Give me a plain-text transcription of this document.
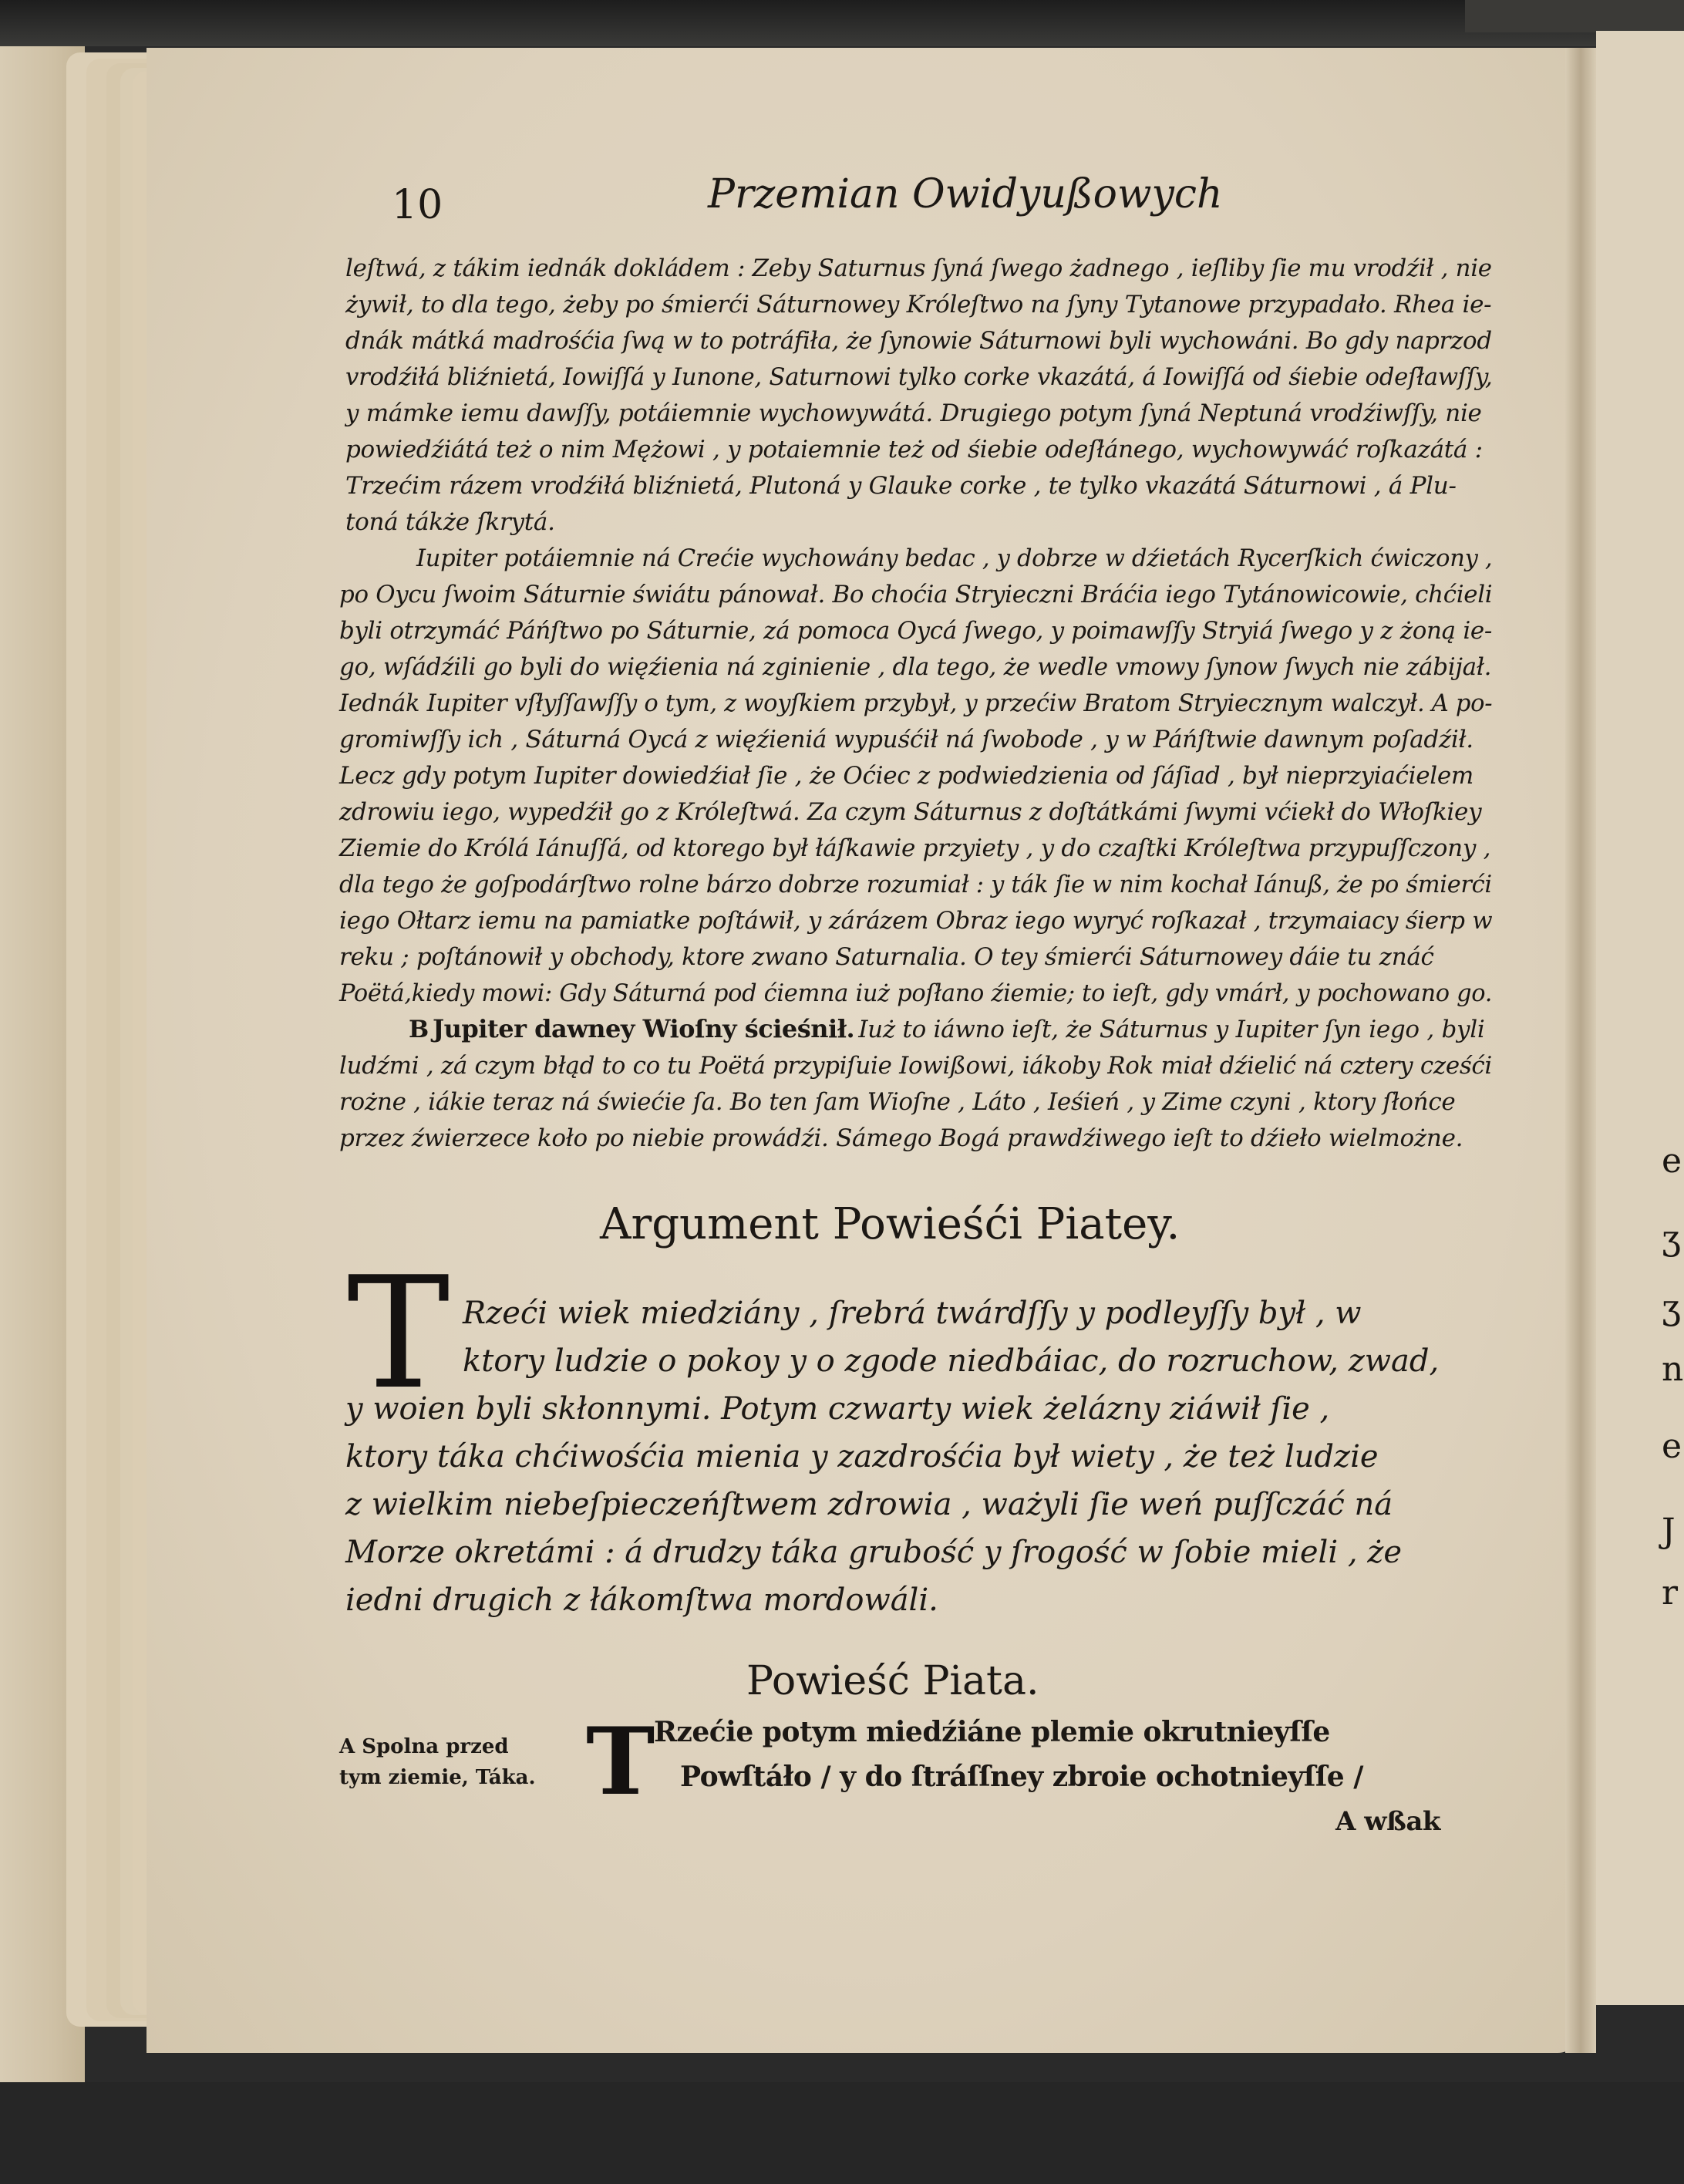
e
ʒ
ʒ
n
e
J
r
10	Przemian Owidyußowych
leſtwá, z tákim iednák dokládem : Zeby Saturnus ſyná ſwego żadnego , ieſliby ſie mu vrodźił , nie
żywił, to dla tego, żeby po śmierći Sáturnowey Króleſtwo na ſyny Tytanowe przypadało. Rhea ie-
dnák mátká madrośćia ſwą w to potráfiła, że ſynowie Sáturnowi byli wychowáni. Bo gdy naprzod
vrodźiłá bliźnietá, Iowiſſá y Iunone, Saturnowi tylko corke vkazátá, á Iowiſſá od śiebie odeſławſſy,
y mámke iemu dawſſy, potáiemnie wychowywátá. Drugiego potym ſyná Neptuná vrodźiwſſy, nie
powiedźiátá też o nim Mężowi , y potaiemnie też od śiebie odeſłánego, wychowywáć roſkazátá :
Trzećim rázem vrodźiłá bliźnietá, Plutoná y Glauke corke , te tylko vkazátá Sáturnowi , á Plu-
toná tákże ſkrytá.
Iupiter potáiemnie ná Crećie wychowány bedac , y dobrze w dźietách Rycerſkich ćwiczony ,
po Oycu ſwoim Sáturnie świátu pánował. Bo choćia Stryieczni Bráćia iego Tytánowicowie, chćieli
byli otrzymáć Páńſtwo po Sáturnie, zá pomoca Oycá ſwego, y poimawſſy Stryiá ſwego y z żoną ie-
go, wſádźili go byli do więźienia ná zginienie , dla tego, że wedle vmowy ſynow ſwych nie zábijał.
Iednák Iupiter vſłyſſawſſy o tym, z woyſkiem przybył, y przećiw Bratom Stryiecznym walczył. A po-
gromiwſſy ich , Sáturná Oycá z więźieniá wypuśćił ná ſwobode , y w Páńſtwie dawnym poſadźił.
Lecz gdy potym Iupiter dowiedźiał ſie , że Oćiec z podwiedzienia od ſáſiad , był nieprzyiaćielem
zdrowiu iego, wypedźił go z Króleſtwá. Za czym Sáturnus z doſtátkámi ſwymi vćiekł do Włoſkiey
Ziemie do Królá Iánuſſá, od ktorego był łáſkawie przyiety , y do czaſtki Króleſtwa przypuſſczony ,
dla tego że goſpodárſtwo rolne bárzo dobrze rozumiał : y ták ſie w nim kochał Iánuß, że po śmierći
iego Ołtarz iemu na pamiatke poſtáwił, y zárázem Obraz iego wyryć roſkazał , trzymaiacy śierp w
reku ; poſtánowił y obchody, ktore zwano Saturnalia. O tey śmierći Sáturnowey dáie tu znáć
Poëtá,kiedy mowi: Gdy Sáturná pod ćiemna iuż poſłano źiemie; to ieſt, gdy vmárł, y pochowano go.
B Jupiter dawney Wioſny ścieśnił. Iuż to iáwno ieſt, że Sáturnus y Iupiter ſyn iego , byli
ludźmi , zá czym błąd to co tu Poëtá przypiſuie Iowißowi, iákoby Rok miał dźielić ná cztery cześći
rożne , iákie teraz ná świećie ſa. Bo ten ſam Wioſne , Láto , Ieśień , y Zime czyni , ktory ſłońce
przez źwierzece koło po niebie prowádźi. Sámego Bogá prawdźiwego ieſt to dźieło wielmożne.
Argument Powieśći Piatey.
T Rzeći wiek miedziány , ſrebrá twárdſſy y podleyſſy był , w
ktory ludzie o pokoy y o zgode niedbáiac, do rozruchow, zwad,
y woien byli skłonnymi. Potym czwarty wiek żelázny ziáwił ſie ,
ktory táka chćiwośćia mienia y zazdrośćia był wiety , że też ludzie
z wielkim niebeſpieczeńſtwem zdrowia , ważyli ſie weń puſſczáć ná
Morze okretámi : á drudzy táka grubość y ſrogość w ſobie mieli , że
iedni drugich z łákomſtwa mordowáli.
Powieść Piata.
A Spolna przed
tym ziemie, Táka. T
Rzećie potym miedźiáne plemie okrutnieyſſe
Powſtáło / y do ſtráſſney zbroie ochotnieyſſe /
A wßak
